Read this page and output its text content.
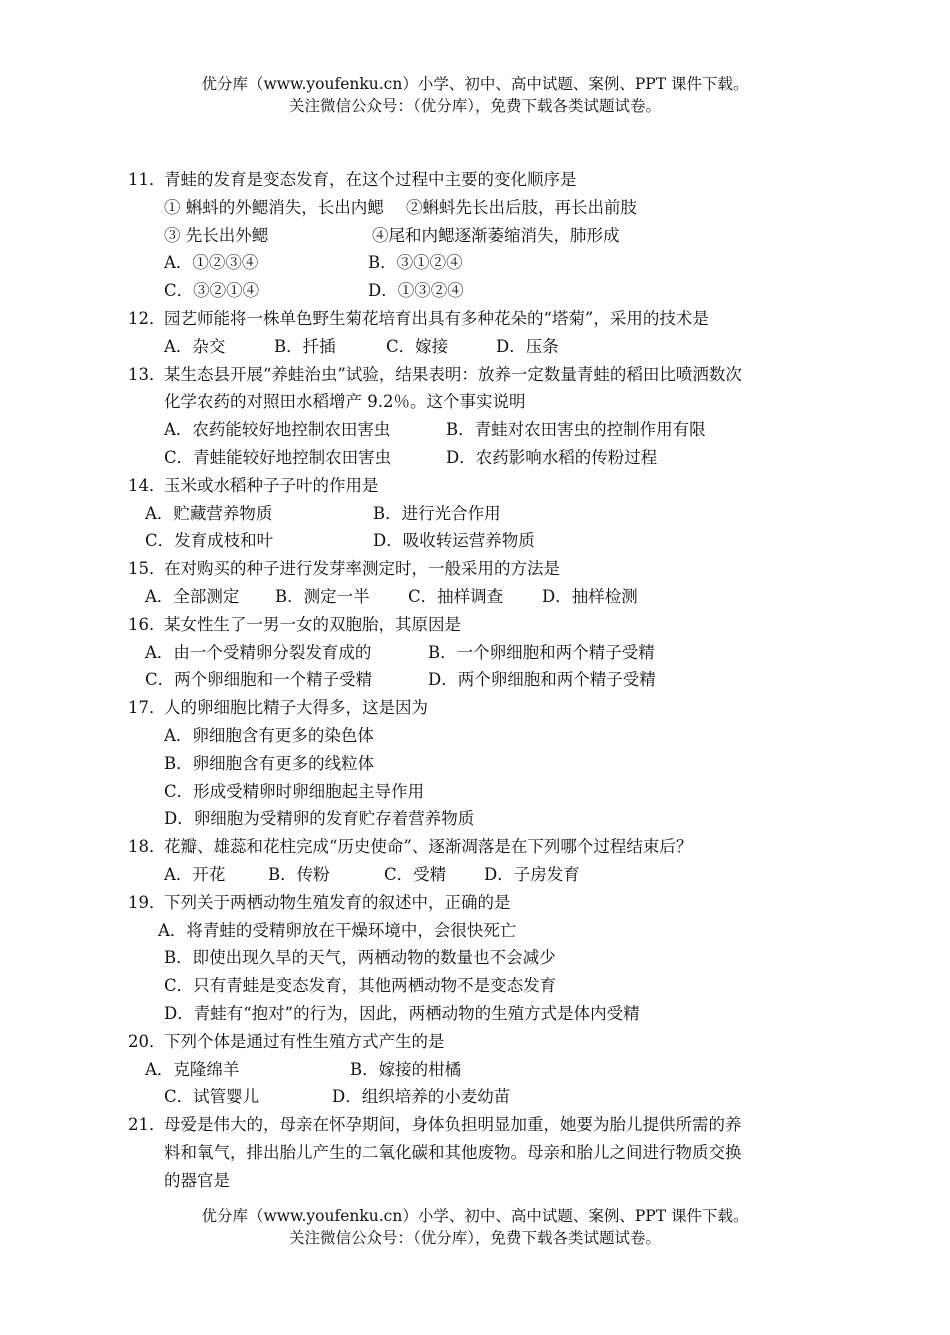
优分库（www.youfenku.cn）小学、初中、高中试题、案例、PPT 课件下载。
关注微信公众号：（优分库），免费下载各类试题试卷。
11．青蛙的发育是变态发育，在这个过程中主要的变化顺序是
① 蝌蚪的外鳃消失，长出内鳃 ②蝌蚪先长出后肢，再长出前肢
③ 先长出外鳃	④尾和内鳃逐渐萎缩消失，肺形成
A．①②③④	B．③①②④
C．③②①④	D．①③②④
12．园艺师能将一株单色野生菊花培育出具有多种花朵的“塔菊”，采用的技术是
A．杂交	B．扦插	C．嫁接	D．压条
13．某生态县开展“养蛙治虫”试验，结果表明：放养一定数量青蛙的稻田比喷洒数次
化学农药的对照田水稻增产 9.2％。这个事实说明
A．农药能较好地控制农田害虫	B．青蛙对农田害虫的控制作用有限
C．青蛙能较好地控制农田害虫	D．农药影响水稻的传粉过程
14．玉米或水稻种子子叶的作用是
A．贮藏营养物质	B．进行光合作用
C．发育成枝和叶	D．吸收转运营养物质
15．在对购买的种子进行发芽率测定时，一般采用的方法是
A．全部测定 B．测定一半 C．抽样调查 D．抽样检测
16．某女性生了一男一女的双胞胎，其原因是
A．由一个受精卵分裂发育成的	B．一个卵细胞和两个精子受精
C．两个卵细胞和一个精子受精	D．两个卵细胞和两个精子受精
17．人的卵细胞比精子大得多，这是因为
A．卵细胞含有更多的染色体
B．卵细胞含有更多的线粒体
C．形成受精卵时卵细胞起主导作用
D．卵细胞为受精卵的发育贮存着营养物质
18．花瓣、雄蕊和花柱完成“历史使命”、逐渐凋落是在下列哪个过程结束后？
A．开花	B．传粉	C．受精 D．子房发育
19．下列关于两栖动物生殖发育的叙述中，正确的是
A．将青蛙的受精卵放在干燥环境中，会很快死亡
B．即使出现久旱的天气，两栖动物的数量也不会减少
C．只有青蛙是变态发育，其他两栖动物不是变态发育
D．青蛙有“抱对”的行为，因此，两栖动物的生殖方式是体内受精
20．下列个体是通过有性生殖方式产生的是
A．克隆绵羊	B．嫁接的柑橘
C．试管婴儿	D．组织培养的小麦幼苗
21．母爱是伟大的，母亲在怀孕期间，身体负担明显加重，她要为胎儿提供所需的养
料和氧气，排出胎儿产生的二氧化碳和其他废物。母亲和胎儿之间进行物质交换
的器官是
优分库（www.youfenku.cn）小学、初中、高中试题、案例、PPT 课件下载。
关注微信公众号：（优分库），免费下载各类试题试卷。
